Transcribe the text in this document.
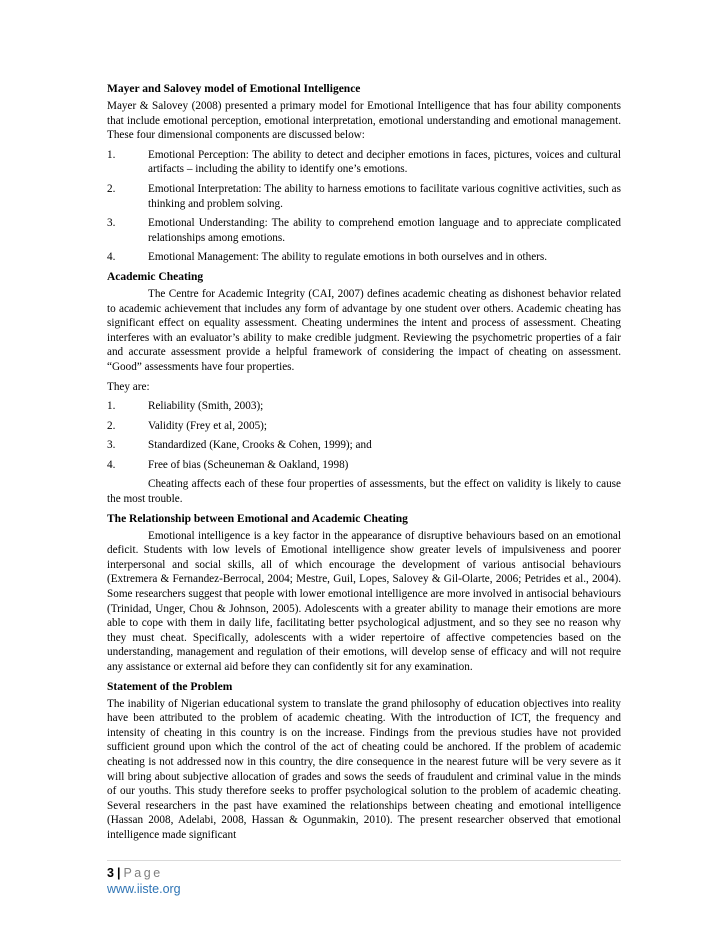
Mayer and Salovey model of Emotional Intelligence

Mayer & Salovey (2008) presented a primary model for Emotional Intelligence that has four ability components that include emotional perception, emotional interpretation, emotional understanding and emotional management. These four dimensional components are discussed below:

1.	Emotional Perception: The ability to detect and decipher emotions in faces, pictures, voices and cultural artifacts – including the ability to identify one’s emotions.
2.	Emotional Interpretation: The ability to harness emotions to facilitate various cognitive activities, such as thinking and problem solving.
3.	Emotional Understanding: The ability to comprehend emotion language and to appreciate complicated relationships among emotions.
4.	Emotional Management: The ability to regulate emotions in both ourselves and in others.
Academic Cheating

The Centre for Academic Integrity (CAI, 2007) defines academic cheating as dishonest behavior related to academic achievement that includes any form of advantage by one student over others. Academic cheating has significant effect on equality assessment. Cheating undermines the intent and process of assessment. Cheating interferes with an evaluator’s ability to make credible judgment. Reviewing the psychometric properties of a fair and accurate assessment provide a helpful framework of considering the impact of cheating on assessment. “Good” assessments have four properties.

They are:

1.	Reliability (Smith, 2003);
2.	Validity (Frey et al, 2005);
3.	Standardized (Kane, Crooks & Cohen, 1999); and
4.	Free of bias (Scheuneman & Oakland, 1998)

Cheating affects each of these four properties of assessments, but the effect on validity is likely to cause the most trouble.

The Relationship between Emotional and Academic Cheating

Emotional intelligence is a key factor in the appearance of disruptive behaviours based on an emotional deficit. Students with low levels of Emotional intelligence show greater levels of impulsiveness and poorer interpersonal and social skills, all of which encourage the development of various antisocial behaviours (Extremera & Fernandez-Berrocal, 2004; Mestre, Guil, Lopes, Salovey & Gil-Olarte, 2006; Petrides et al., 2004). Some researchers suggest that people with lower emotional intelligence are more involved in antisocial behaviours (Trinidad, Unger, Chou & Johnson, 2005). Adolescents with a greater ability to manage their emotions are more able to cope with them in daily life, facilitating better psychological adjustment, and so they see no reason why they must cheat. Specifically, adolescents with a wider repertoire of affective competencies based on the understanding, management and regulation of their emotions, will develop sense of efficacy and will not require any assistance or external aid before they can confidently sit for any examination.

Statement of the Problem

The inability of Nigerian educational system to translate the grand philosophy of education objectives into reality have been attributed to the problem of academic cheating. With the introduction of ICT, the frequency and intensity of cheating in this country is on the increase. Findings from the previous studies have not provided sufficient ground upon which the control of the act of cheating could be anchored. If the problem of academic cheating is not addressed now in this country, the dire consequence in the nearest future will be very severe as it will bring about subjective allocation of grades and sows the seeds of fraudulent and criminal value in the minds of our youths. This study therefore seeks to proffer psychological solution to the problem of academic cheating. Several researchers in the past have examined the relationships between cheating and emotional intelligence (Hassan 2008, Adelabi, 2008, Hassan & Ogunmakin, 2010). The present researcher observed that emotional intelligence made significant

3 | Page
www.iiste.org
